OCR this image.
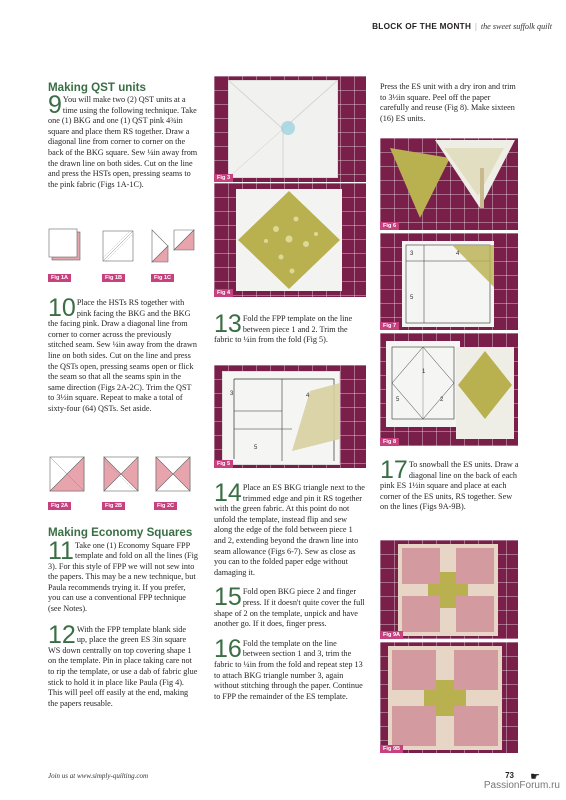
BLOCK OF THE MONTH | the sweet suffolk quilt
Making QST units
9 You will make two (2) QST units at a time using the following technique. Take one (1) BKG and one (1) QST pink 4¾in square and place them RS together. Draw a diagonal line from corner to corner on the back of the BKG square. Sew ¼in away from the drawn line on both sides. Cut on the line and press the HSTs open, pressing seams to the pink fabric (Figs 1A-1C).
Fig 1A	Fig 1B	Fig 1C
10 Place the HSTs RS together with pink facing the BKG and the BKG the facing pink. Draw a diagonal line from corner to corner across the previously stitched seam. Sew ¼in away from the drawn line on both sides. Cut on the line and press the QSTs open, pressing seams open or flick the seam so that all the seams spin in the same direction (Figs 2A-2C). Trim the QST to 3½in square. Repeat to make a total of sixty-four (64) QSTs. Set aside.
Fig 2A	Fig 2B	Fig 2C
Making Economy Squares
11 Take one (1) Economy Square FPP template and fold on all the lines (Fig 3). For this style of FPP we will not sew into the papers. This may be a new technique, but Paula recommends trying it. If you prefer, you can use a conventional FPP technique (see Notes).
12 With the FPP template blank side up, place the green ES 3in square WS down centrally on top covering shape 1 on the template. Pin in place taking care not to rip the template, or use a dab of fabric glue stick to hold it in place like Paula (Fig 4). This will peel off easily at the end, making the papers reusable.
Fig 3
Fig 4
13 Fold the FPP template on the line between piece 1 and 2. Trim the fabric to ¼in from the fold (Fig 5).
3	4
5
Fig 5
14 Place an ES BKG triangle next to the trimmed edge and pin it RS together with the green fabric. At this point do not unfold the template, instead flip and sew along the edge of the fold between piece 1 and 2, extending beyond the drawn line into seam allowance (Figs 6-7). Sew as close as you can to the folded paper edge without damaging it.
15 Fold open BKG piece 2 and finger press. If it doesn't quite cover the full shape of 2 on the template, unpick and have another go. If it does, finger press.
16 Fold the template on the line between section 1 and 3, trim the fabric to ¼in from the fold and repeat step 13 to attach BKG triangle number 3, again without stitching through the paper. Continue to FPP the remainder of the ES template.
Press the ES unit with a dry iron and trim to 3½in square. Peel off the paper carefully and reuse (Fig 8). Make sixteen (16) ES units.
Fig 6
3	4
5
Fig 7
1
5	2
Fig 8
17 To snowball the ES units. Draw a diagonal line on the back of each pink ES 1½in square and place at each corner of the ES units, RS together. Sew on the lines (Figs 9A-9B).
Fig 9A
Fig 9B
Join us at www.simply-quilting.com	☛
73
PassionForum.ru
